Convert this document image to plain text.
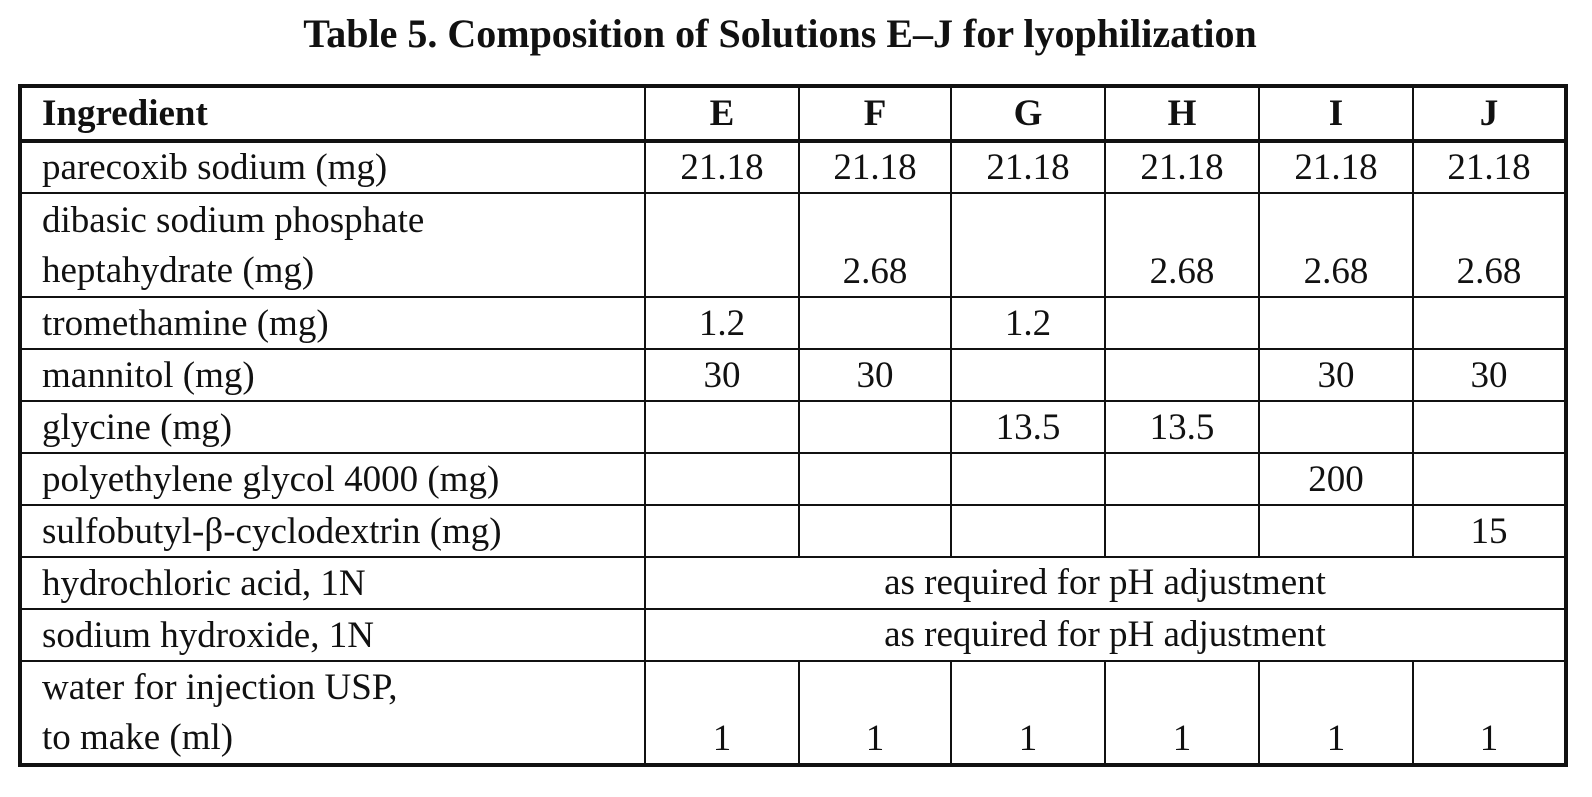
Table 5. Composition of Solutions E–J for lyophilization
Ingredient	E	F	G	H	I	J
parecoxib sodium (mg)	21.18	21.18	21.18	21.18	21.18	21.18

dibasic sodium phosphate
heptahydrate (mg)		2.68		2.68	2.68	2.68
tromethamine (mg)	1.2		1.2			
mannitol (mg)	30	30			30	30
glycine (mg)			13.5	13.5		
polyethylene glycol 4000 (mg)					200	
sulfobutyl-β-cyclodextrin (mg)						15
hydrochloric acid, 1N	as required for pH adjustment					
sodium hydroxide, 1N	as required for pH adjustment					

water for injection USP,
to make (ml)	1	1	1	1	1	1
